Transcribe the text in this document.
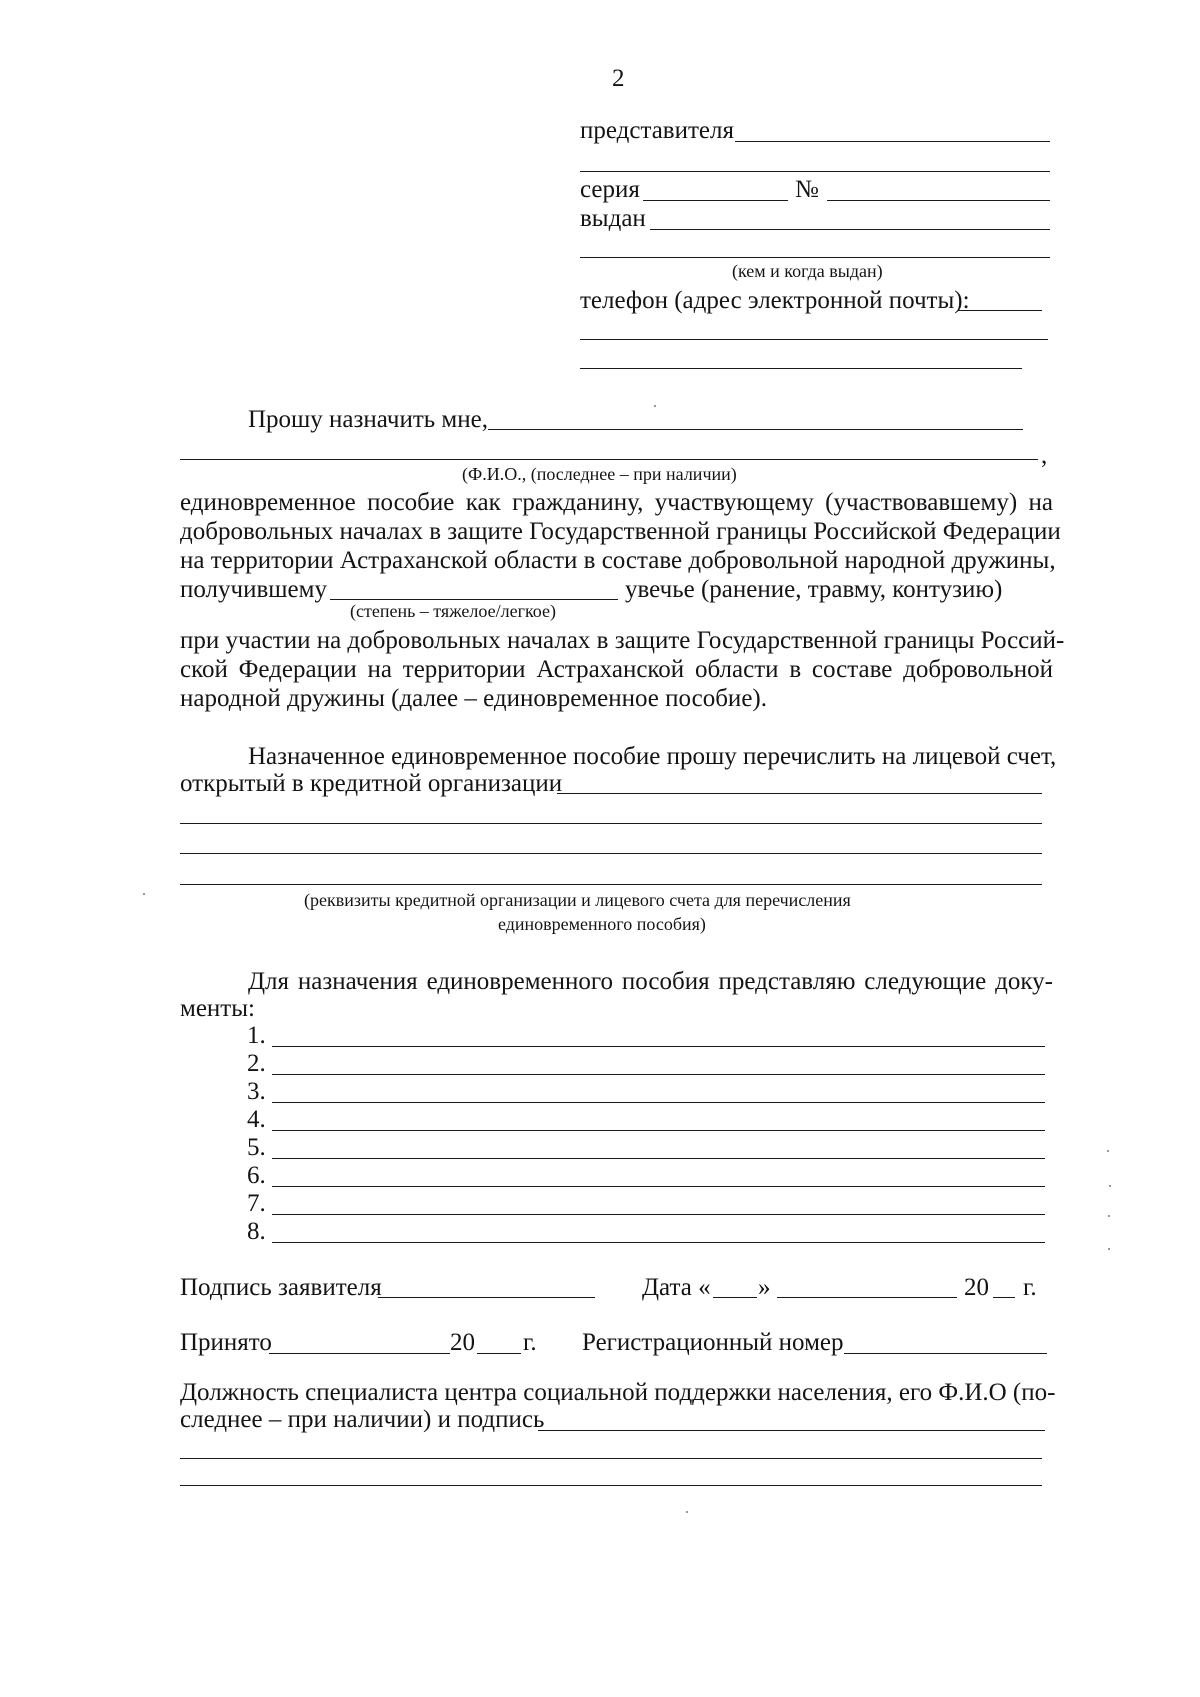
2
представителя
серия	№
выдан
(кем и когда выдан)
телефон (адрес электронной почты):
Прошу назначить мне,
,
(Ф.И.О., (последнее – при наличии)
единовременное пособие как гражданину, участвующему (участвовавшему) на
добровольных началах в защите Государственной границы Российской Федерации
на территории Астраханской области в составе добровольной народной дружины,
получившему	увечье (ранение, травму, контузию)
(степень – тяжелое/легкое)
при участии на добровольных началах в защите Государственной границы Россий-
ской Федерации на территории Астраханской области в составе добровольной
народной дружины (далее – единовременное пособие).
Назначенное единовременное пособие прошу перечислить на лицевой счет,
открытый в кредитной организации
(реквизиты кредитной организации и лицевого счета для перечисления
единовременного пособия)
Для назначения единовременного пособия представляю следующие доку-
менты:
1.
2.
3.
4.
5.
6.
7.
8.
Подпись заявителя	Дата « »	20 г.
Принято	20 г. Регистрационный номер
Должность специалиста центра социальной поддержки населения, его Ф.И.О (по-
следнее – при наличии) и подпись
